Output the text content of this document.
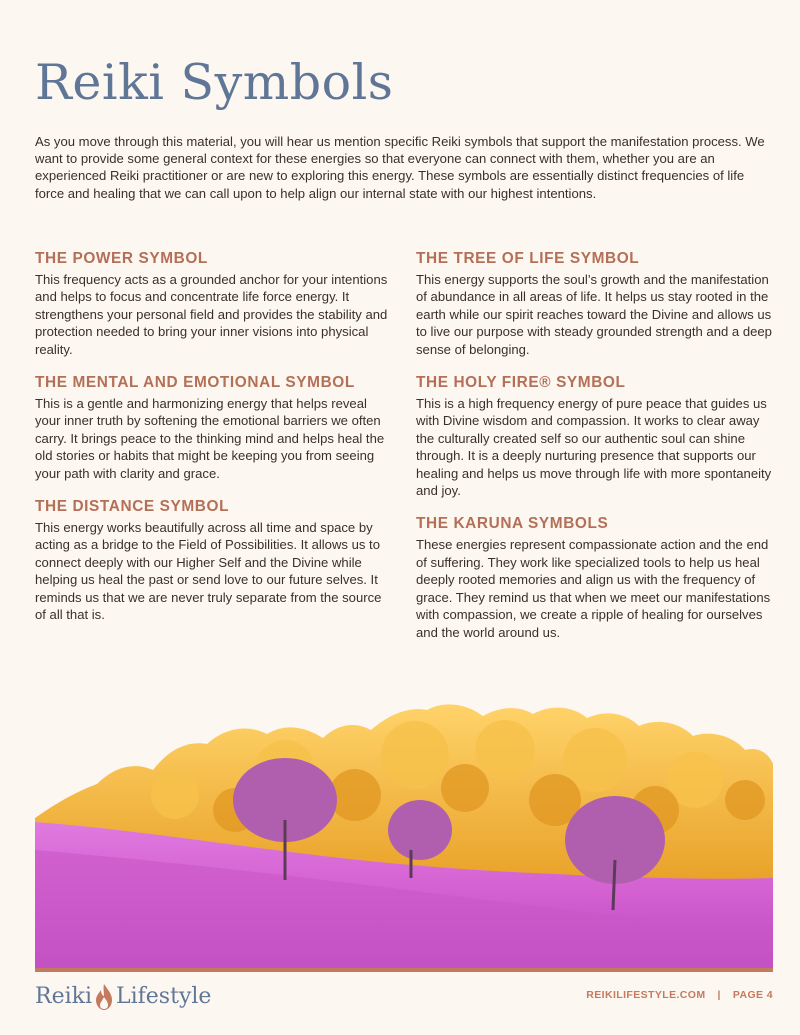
Reiki Symbols

As you move through this material, you will hear us mention specific Reiki symbols that support the manifestation process. We want to provide some general context for these energies so that everyone can connect with them, whether you are an experienced Reiki practitioner or are new to exploring this energy. These symbols are essentially distinct frequencies of life force and healing that we can call upon to help align our internal state with our highest intentions.

THE POWER SYMBOL

This frequency acts as a grounded anchor for your intentions and helps to focus and concentrate life force energy. It strengthens your personal field and provides the stability and protection needed to bring your inner visions into physical reality.

THE MENTAL AND EMOTIONAL SYMBOL

This is a gentle and harmonizing energy that helps reveal your inner truth by softening the emotional barriers we often carry. It brings peace to the thinking mind and helps heal the old stories or habits that might be keeping you from seeing your path with clarity and grace.

THE DISTANCE SYMBOL

This energy works beautifully across all time and space by acting as a bridge to the Field of Possibilities. It allows us to connect deeply with our Higher Self and the Divine while helping us heal the past or send love to our future selves. It reminds us that we are never truly separate from the source of all that is.

THE TREE OF LIFE SYMBOL

This energy supports the soul’s growth and the manifestation of abundance in all areas of life. It helps us stay rooted in the earth while our spirit reaches toward the Divine and allows us to live our purpose with steady grounded strength and a deep sense of belonging.

THE HOLY FIRE® SYMBOL

This is a high frequency energy of pure peace that guides us with Divine wisdom and compassion. It works to clear away the culturally created self so our authentic soul can shine through. It is a deeply nurturing presence that supports our healing and helps us move through life with more spontaneity and joy.

THE KARUNA SYMBOLS

These energies represent compassionate action and the end of suffering. They work like specialized tools to help us heal deeply rooted memories and align us with the frequency of grace. They remind us that when we meet our manifestations with compassion, we create a ripple of healing for ourselves and the world around us.

Reiki Lifestyle	REIKILIFESTYLE.COM | PAGE 4
